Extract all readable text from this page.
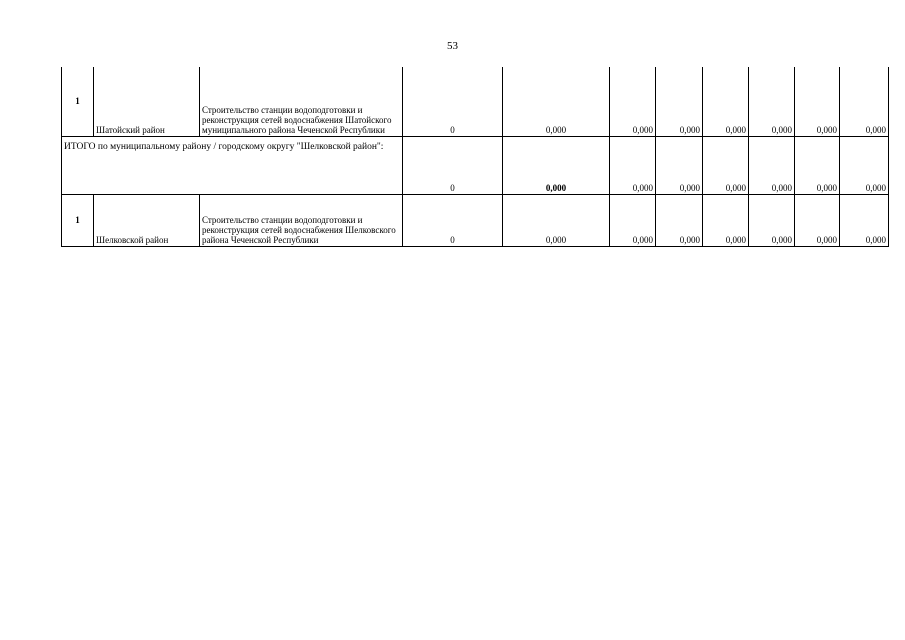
53
1	Шатойский район	Строительство станции водоподготовки и реконструкция сетей водоснабжения Шатойского муниципального района Чеченской Республики	0	0,000	0,000	0,000	0,000	0,000	0,000	0,000
ИТОГО по муниципальному району / городскому округу "Шелковской район":			0	0,000	0,000	0,000	0,000	0,000	0,000	0,000
1	Шелковской район	Строительство станции водоподготовки и реконструкция сетей водоснабжения Шелковского района Чеченской Республики	0	0,000	0,000	0,000	0,000	0,000	0,000	0,000
